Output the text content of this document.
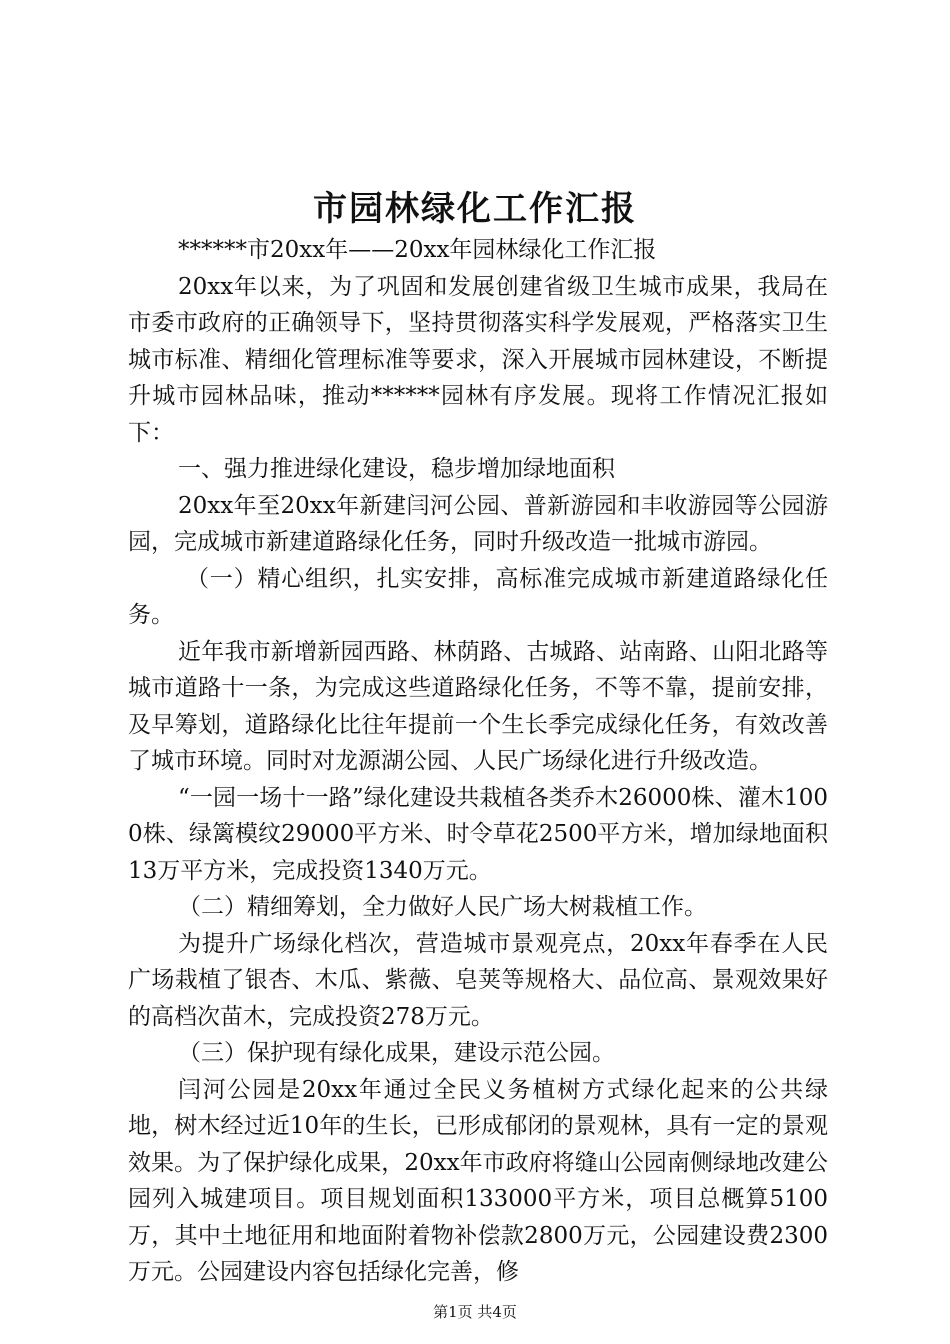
市园林绿化工作汇报

******市20xx年——20xx年园林绿化工作汇报

20xx年以来，为了巩固和发展创建省级卫生城市成果，我局在市委市政府的正确领导下，坚持贯彻落实科学发展观，严格落实卫生城市标准、精细化管理标准等要求，深入开展城市园林建设，不断提升城市园林品味，推动******园林有序发展。现将工作情况汇报如下：

一、强力推进绿化建设，稳步增加绿地面积

20xx年至20xx年新建闫河公园、普新游园和丰收游园等公园游园，完成城市新建道路绿化任务，同时升级改造一批城市游园。

（一）精心组织，扎实安排，高标准完成城市新建道路绿化任务。

近年我市新增新园西路、林荫路、古城路、站南路、山阳北路等城市道路十一条，为完成这些道路绿化任务，不等不靠，提前安排，及早筹划，道路绿化比往年提前一个生长季完成绿化任务，有效改善了城市环境。同时对龙源湖公园、人民广场绿化进行升级改造。

“一园一场十一路”绿化建设共栽植各类乔木26000株、灌木1000株、绿篱模纹29000平方米、时令草花2500平方米，增加绿地面积13万平方米，完成投资1340万元。

（二）精细筹划，全力做好人民广场大树栽植工作。

为提升广场绿化档次，营造城市景观亮点，20xx年春季在人民广场栽植了银杏、木瓜、紫薇、皂荚等规格大、品位高、景观效果好的高档次苗木，完成投资278万元。

（三）保护现有绿化成果，建设示范公园。

闫河公园是20xx年通过全民义务植树方式绿化起来的公共绿地，树木经过近10年的生长，已形成郁闭的景观林，具有一定的景观效果。为了保护绿化成果，20xx年市政府将缝山公园南侧绿地改建公园列入城建项目。项目规划面积133000平方米，项目总概算5100万，其中土地征用和地面附着物补偿款2800万元，公园建设费2300万元。公园建设内容包括绿化完善，修

第1页 共4页
